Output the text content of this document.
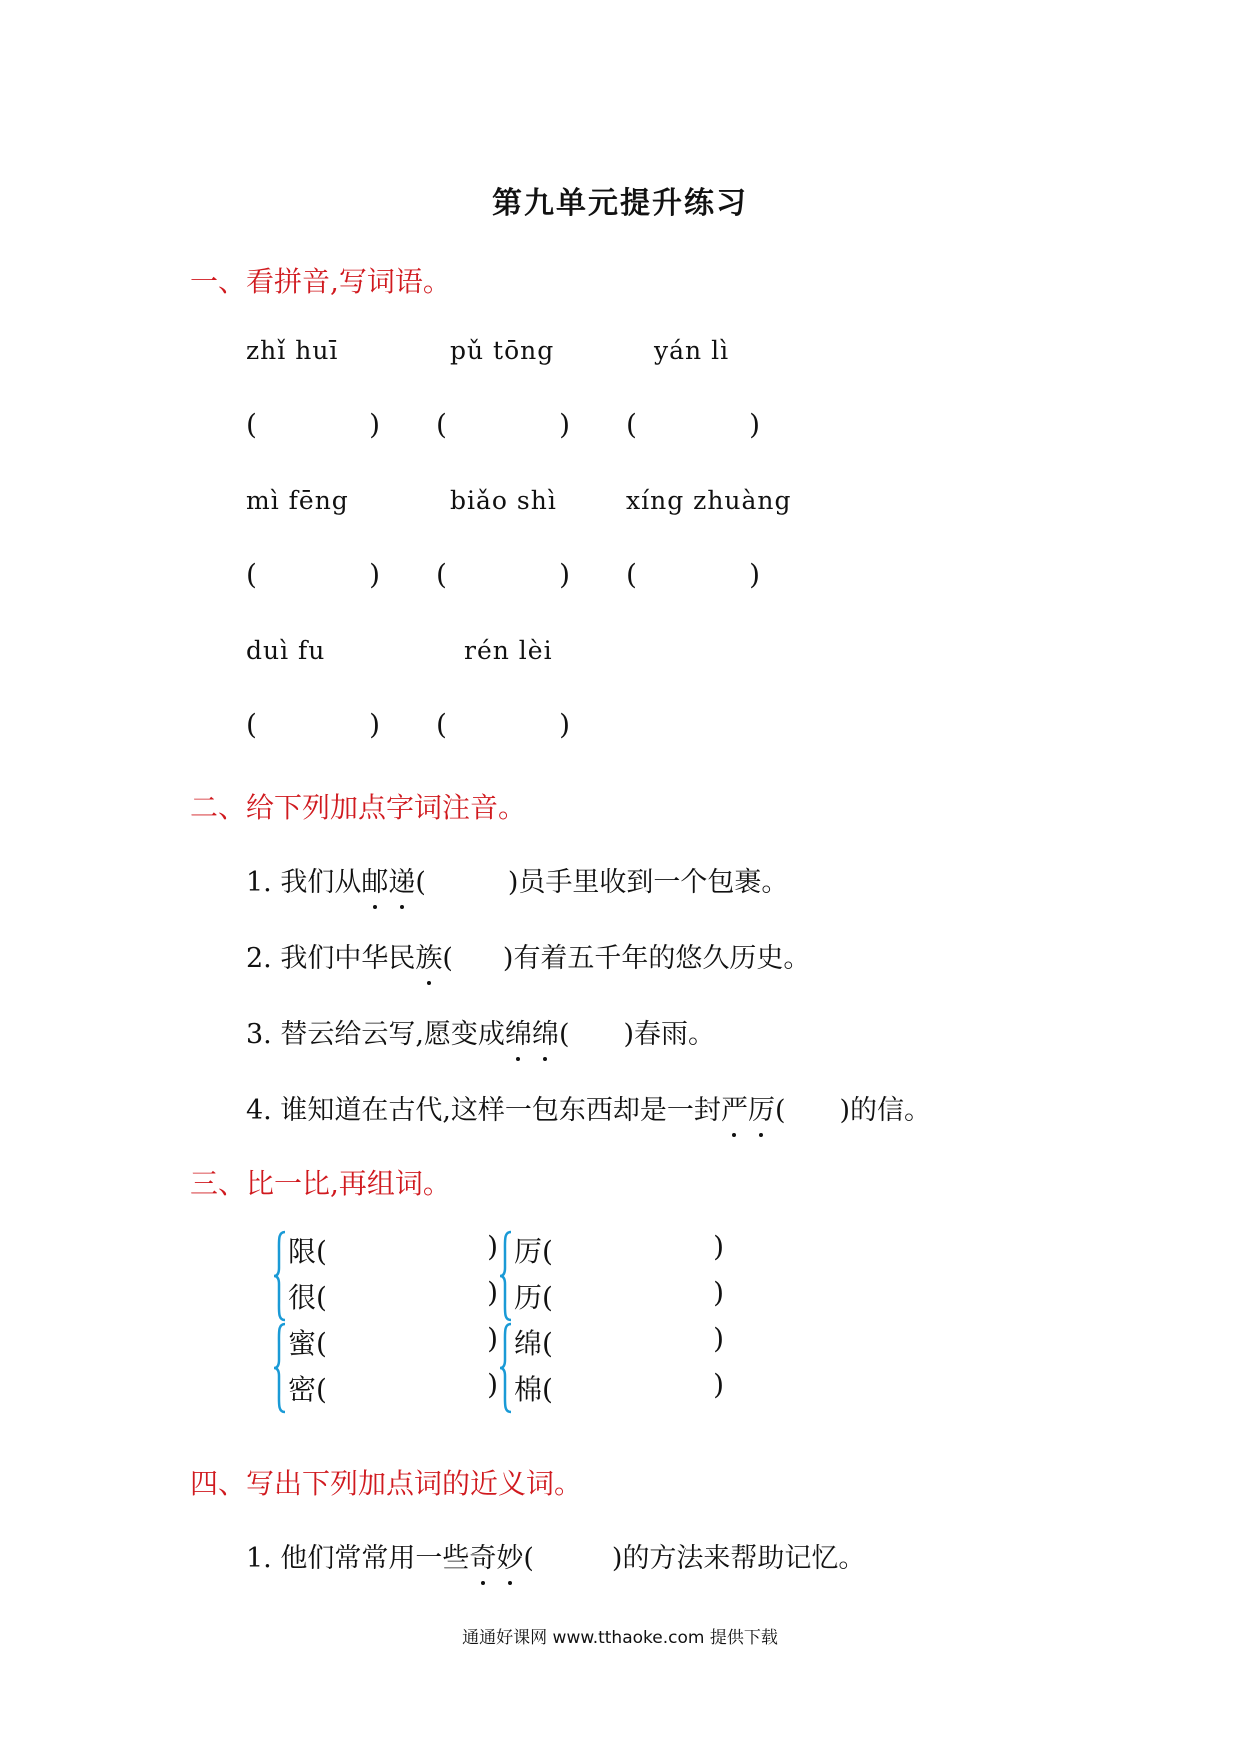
第九单元提升练习
一、看拼音,写词语。
zhǐ huī	pǔ tōng	yán lì
(	) (	) (	)
mì fēng	biǎo shì	xíng zhuàng
(	) (	) (	)
duì fu	rén lèi
(	) (	)
二、给下列加点字词注音。
1. 我们从邮递(	)员手里收到一个包裹。
2. 我们中华民族( )有着五千年的悠久历史。
3. 替云给云写,愿变成绵绵( )春雨。
4. 谁知道在古代,这样一包东西却是一封严厉( )的信。
三、比一比,再组词。
限(	)
很(	)
厉(	)
历(	)
蜜(	)
密(	)
绵(	)
棉(	)
四、写出下列加点词的近义词。
1. 他们常常用一些奇妙(	)的方法来帮助记忆。
通通好课网 www.tthaoke.com 提供下载
